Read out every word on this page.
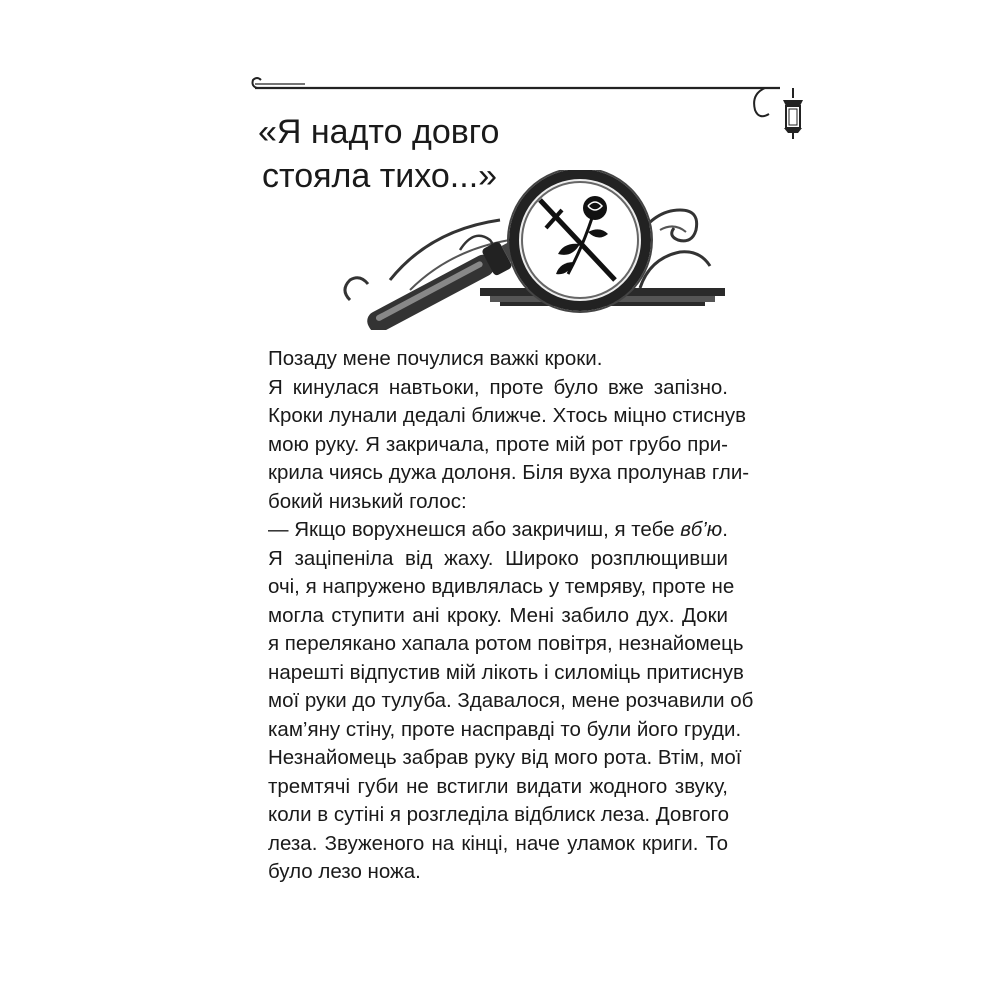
«Я надто довго
стояла тихо...»

Позаду мене почулися важкі кроки.

Я кинулася навтьоки, проте було вже запізно.
Кроки лунали дедалі ближче. Хтось міцно стиснув
мою руку. Я закричала, проте мій рот грубо при-
крила чиясь дужа долоня. Біля вуха пролунав гли-
бокий низький голос:

— Якщо ворухнешся або закричиш, я тебе вб’ю.

Я заціпеніла від жаху. Широко розплющивши
очі, я напружено вдивлялась у темряву, проте не
могла ступити ані кроку. Мені забило дух. Доки
я перелякано хапала ротом повітря, незнайомець
нарешті відпустив мій лікоть і силоміць притиснув
мої руки до тулуба. Здавалося, мене розчавили об
кам’яну стіну, проте насправді то були його груди.
Незнайомець забрав руку від мого рота. Втім, мої
тремтячі губи не встигли видати жодного звуку,
коли в сутіні я розгледіла відблиск леза. Довгого
леза. Звуженого на кінці, наче уламок криги. То
було лезо ножа.
